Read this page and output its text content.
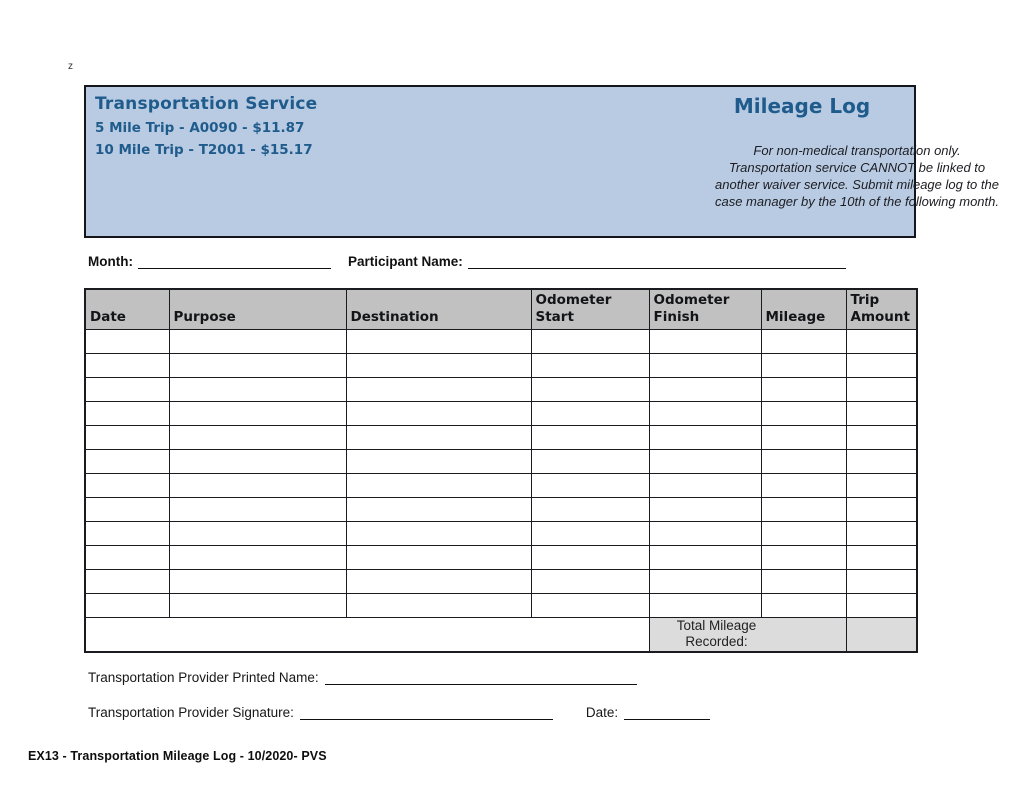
z
Transportation Service
5 Mile Trip - A0090 - $11.87
10 Mile Trip - T2001 - $15.17
Mileage Log
For non-medical transportation only. Transportation service CANNOT be linked to another waiver service. Submit mileage log to the case manager by the 10th of the following month.
Month:	Participant Name:
Date	Purpose	Destination	Odometer Start	Odometer Finish	Mileage	Trip Amount

				Total Mileage Recorded:		

Transportation Provider Printed Name:
Transportation Provider Signature:	Date:
EX13 - Transportation Mileage Log - 10/2020- PVS
